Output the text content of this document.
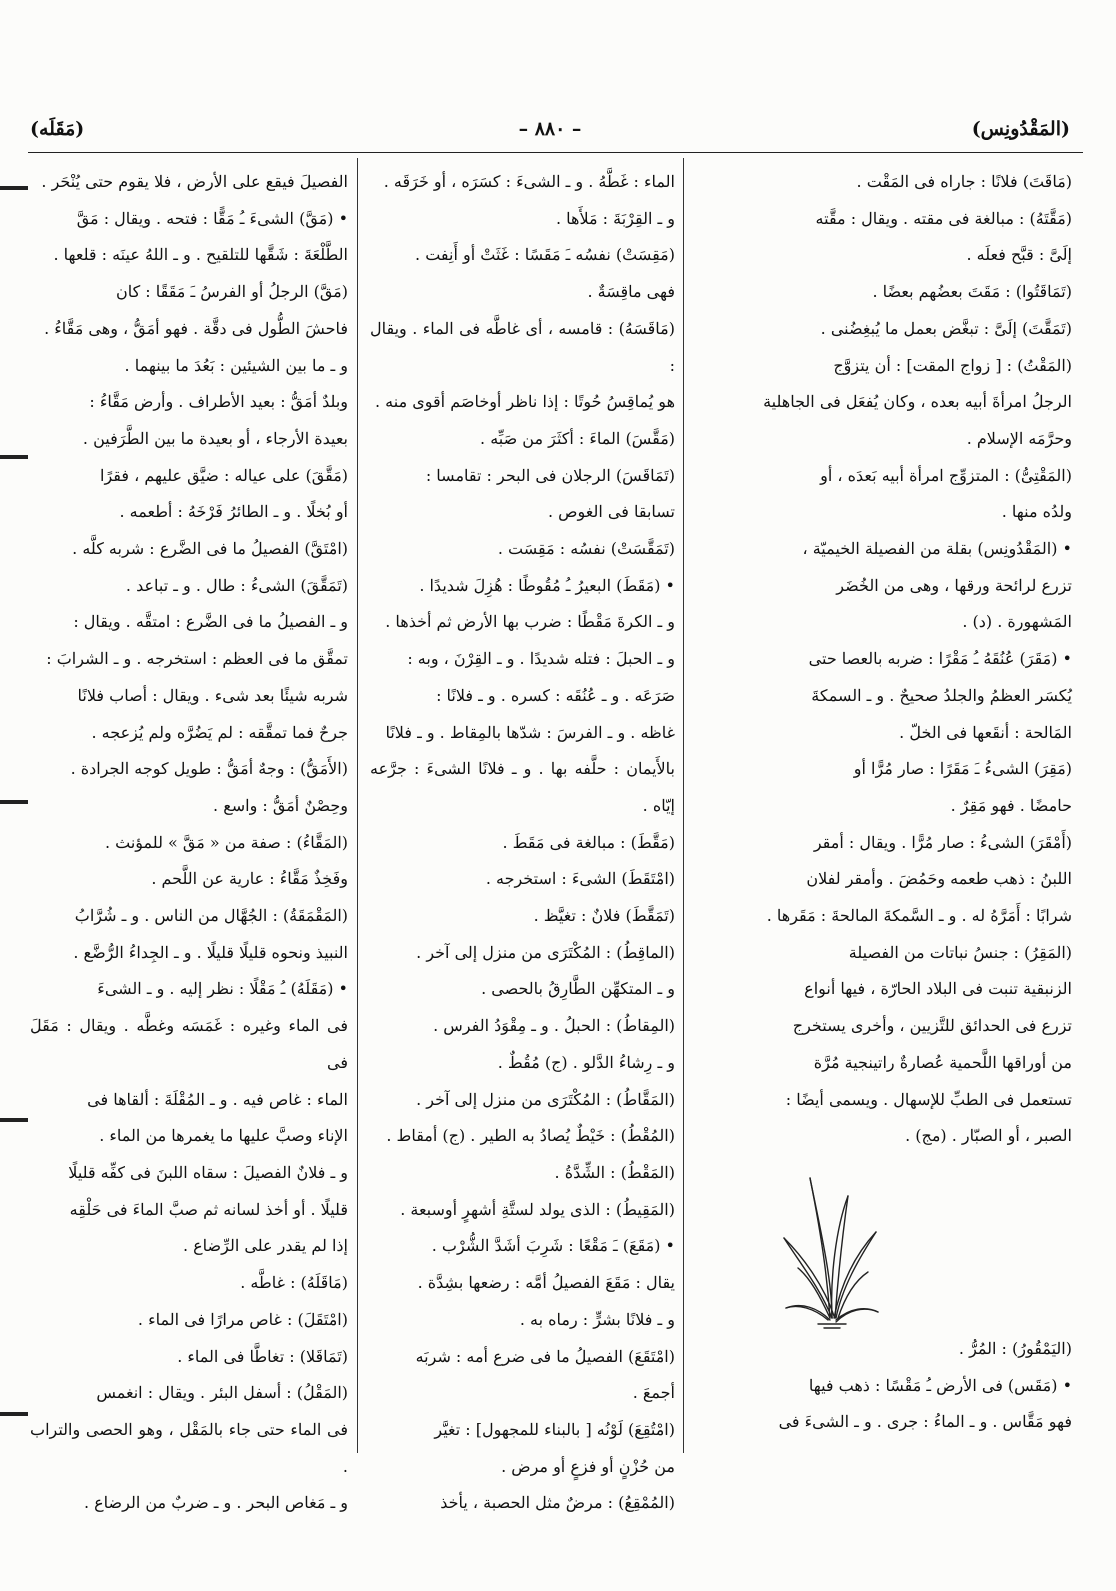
(المَقْدُونِس)
– ٨٨٠ –
(مَقَلَه)

(مَاقَتَ) فلانًا : جاراه فى المَقْت .

(مَقَّتَهُ) : مبالغة فى مقته . ويقال : مقَّته

إلَىَّ : قبَّح فعلَه .

(تَمَاقَتُوا) : مَقَتَ بعضُهم بعضًا .

(تَمَقَّتَ) إلَىَّ : تبغَّض بعمل ما يُبغِضُنى .

(المَقْتُ) : [ زواج المقت] : أن يتزوَّج

الرجلُ امرأةَ أبيه بعده ، وكان يُفعَل فى الجاهلية

وحرَّمَه الإسلام .

(المَقْتِىُّ) : المتزوِّج امرأة أبيه بَعدَه ، أو

ولدُه منها .

• (المَقْدُونِس) بقلة من الفصيلة الخيميّة ،

تزرع لرائحة ورقها ، وهى من الخُضَر

المَشهورة . (د) .

• (مَقَرَ) عُنُقَهُ ـُ مَقْرًا : ضربه بالعصا حتى

يُكسَر العظمُ والجلدُ صحيحٌ . و ـ السمكةَ

المَالحة : أنقَعها فى الخلّ .

(مَقِرَ) الشىءُ ـَ مَقَرًا : صار مُرًّا أو

حامضًا . فهو مَقِرٌ .

(أَمْقَرَ) الشىءُ : صار مُرًّا . ويقال : أمقر

اللبنُ : ذهب طعمه وحَمُضَ . وأمقر لفلان

شرابًا : أَمَرَّهُ له . و ـ السَّمكةَ المالحةَ : مَقَرها .

(المَقِرُ) : جنسُ نباتات من الفصيلة

الزنبقية تنبت فى البلاد الحارّة ، فيها أنواع

تزرع فى الحدائق للتَّزيين ، وأخرى يستخرج

من أوراقها اللَّحمية عُصارةٌ راتينجية مُرَّة

تستعمل فى الطبِّ للإسهال . ويسمى أيضًا :

الصبر ، أو الصبّار . (مج) .

(اليَمْقُورُ) : المُرُّ .

• (مَقَس) فى الأرض ـُ مَقْسًا : ذهب فيها

فهو مَقَّاس . و ـ الماءُ : جرى . و ـ الشىءَ فى

الماء : غَطَّهُ . و ـ الشىءَ : كسَرَه ، أو خَرَقَه .

و ـ القِرْبَةَ : مَلأَها .

(مَقِسَتْ) نفسُه ـَ مَقَسًا : غَثَتْ أو أَنِفت .

فهى ماقِسَةٌ .

(مَاقَسَهُ) : قامسه ، أى غاطَّه فى الماء . ويقال :

هو يُماقِسُ حُوتًا : إذا ناظر أوخاصَم أقوى منه .

(مَقَّسَ) الماءَ : أكثَرَ من صَبِّه .

(تَمَاقَسَ) الرجلان فى البحر : تقامسا :

تسابقا فى الغوص .

(تَمَقَّسَتْ) نفسُه : مَقِسَت .

• (مَقَطَ) البعيرُ ـُ مُقُوطًا : هُزِلَ شديدًا .

و ـ الكرةَ مَقْطًا : ضرب بها الأرض ثم أخذها .

و ـ الحبلَ : فتله شديدًا . و ـ القِرْنَ ، وبه :

صَرَعَه . و ـ عُنُقَه : كسره . و ـ فلانًا :

غاظه . و ـ الفرسَ : شدّها بالمِقاط . و ـ فلانًا

بالأَيمان : حلَّفه بها . و ـ فلانًا الشىءَ : جرَّعه إيّاه .

(مَقَّطَ) : مبالغة فى مَقَطَ .

(امْتَقَطَ) الشىءَ : استخرجه .

(تَمَقَّطَ) فلانٌ : تغيَّظ .

(الماقِطُ) : المُكْتَرَى من منزل إلى آخر .

و ـ المتكهِّن الطَّارِقُ بالحصى .

(المِقاطُ) : الحبلُ . و ـ مِقْوَدُ الفرس .

و ـ رِشاءُ الدَّلو . (ج) مُقُطٌ .

(المَقَّاطُ) : المُكْتَرَى من منزل إلى آخر .

(المُقْطُ) : خَيْطٌ يُصادُ به الطير . (ج) أمقاط .

(المَقْطُ) : الشِّدَّةُ .

(المَقِيطُ) : الذى يولد لستَّةِ أشهرٍ أوسبعة .

• (مَقَعَ) ـَ مَقْعًا : شَرِبَ أشَدَّ الشُّرْب .

يقال : مَقَعَ الفصيلُ أمَّه : رضعها بشِدَّة .

و ـ فلانًا بشرٍّ : رماه به .

(امْتَقَعَ) الفصيلُ ما فى ضرع أمه : شربَه

أجمعَ .

(امْتُقِعَ) لَوْنُه [ بالبناء للمجهول] : تغيَّر

من حُزْنٍ أو فزعٍ أو مرض .

(المُمْقِعُ) : مرضٌ مثل الحصبة ، يأخذ

الفصيلَ فيقع على الأرض ، فلا يقوم حتى يُنْحَر .

• (مَقَّ) الشىءَ ـُ مَقًّا : فتحه . ويقال : مَقَّ

الطَّلْعَةَ : شَقَّها للتلقيح . و ـ اللهُ عينَه : قلعها .

(مَقَّ) الرجلُ أو الفرسُ ـَ مَقَقًا : كان

فاحشَ الطُّول فى دقَّة . فهو أمَقُّ ، وهى مَقَّاءُ .

و ـ ما بين الشيئين : بَعُدَ ما بينهما .

وبلدٌ أمَقُّ : بعيد الأطراف . وأرض مَقَّاءُ :

بعيدة الأرجاء ، أو بعيدة ما بين الطَّرَفين .

(مَقَّقَ) على عياله : ضيَّق عليهم ، فقرًا

أو بُخلًا . و ـ الطائرُ فَرْخَهُ : أطعمه .

(امْتَقَّ) الفصيلُ ما فى الضَّرع : شربه كلَّه .

(تَمَقَّقَ) الشىءُ : طال . و ـ تباعد .

و ـ الفصيلُ ما فى الضَّرع : امتقَّه . ويقال :

تمقَّق ما فى العظم : استخرجه . و ـ الشرابَ :

شربه شيئًا بعد شىء . ويقال : أصاب فلانًا

جرحٌ فما تمقَّقه : لم يَضُرَّه ولم يُزعجه .

(الأَمَقُّ) : وجهٌ أمَقُّ : طويل كوجه الجرادة .

وحِصْنٌ أمَقُّ : واسع .

(المَقَّاءُ) : صفة من « مَقَّ » للمؤنث .

وفَخِذٌ مَقَّاءُ : عارية عن اللَّحم .

(المَقْمَقَةُ) : الجُهَّال من الناس . و ـ شُرَّابُ

النبيذ ونحوه قليلًا قليلًا . و ـ الجِداءُ الرُّضَّع .

• (مَقَلَهُ) ـُ مَقْلًا : نظر إليه . و ـ الشىءَ

فى الماء وغيره : غَمَسَه وغطَّه . ويقال : مَقَلَ فى

الماء : غاص فيه . و ـ المُقْلَةَ : ألقاها فى

الإناء وصبَّ عليها ما يغمرها من الماء .

و ـ فلانٌ الفصيلَ : سقاه اللبنَ فى كفِّه قليلًا

قليلًا . أو أخذ لسانه ثم صبَّ الماءَ فى حَلْقِه

إذا لم يقدر على الرِّضاع .

(مَاقَلَهُ) : غاطَّه .

(امْتَقَلَ) : غاص مرارًا فى الماء .

(تَمَاقَلا) : تغاطَّا فى الماء .

(المَقْلُ) : أسفل البئر . ويقال : انغمس

فى الماء حتى جاء بالمَقْل ، وهو الحصى والتراب .

و ـ مَغاص البحر . و ـ ضربٌ من الرضاع .
